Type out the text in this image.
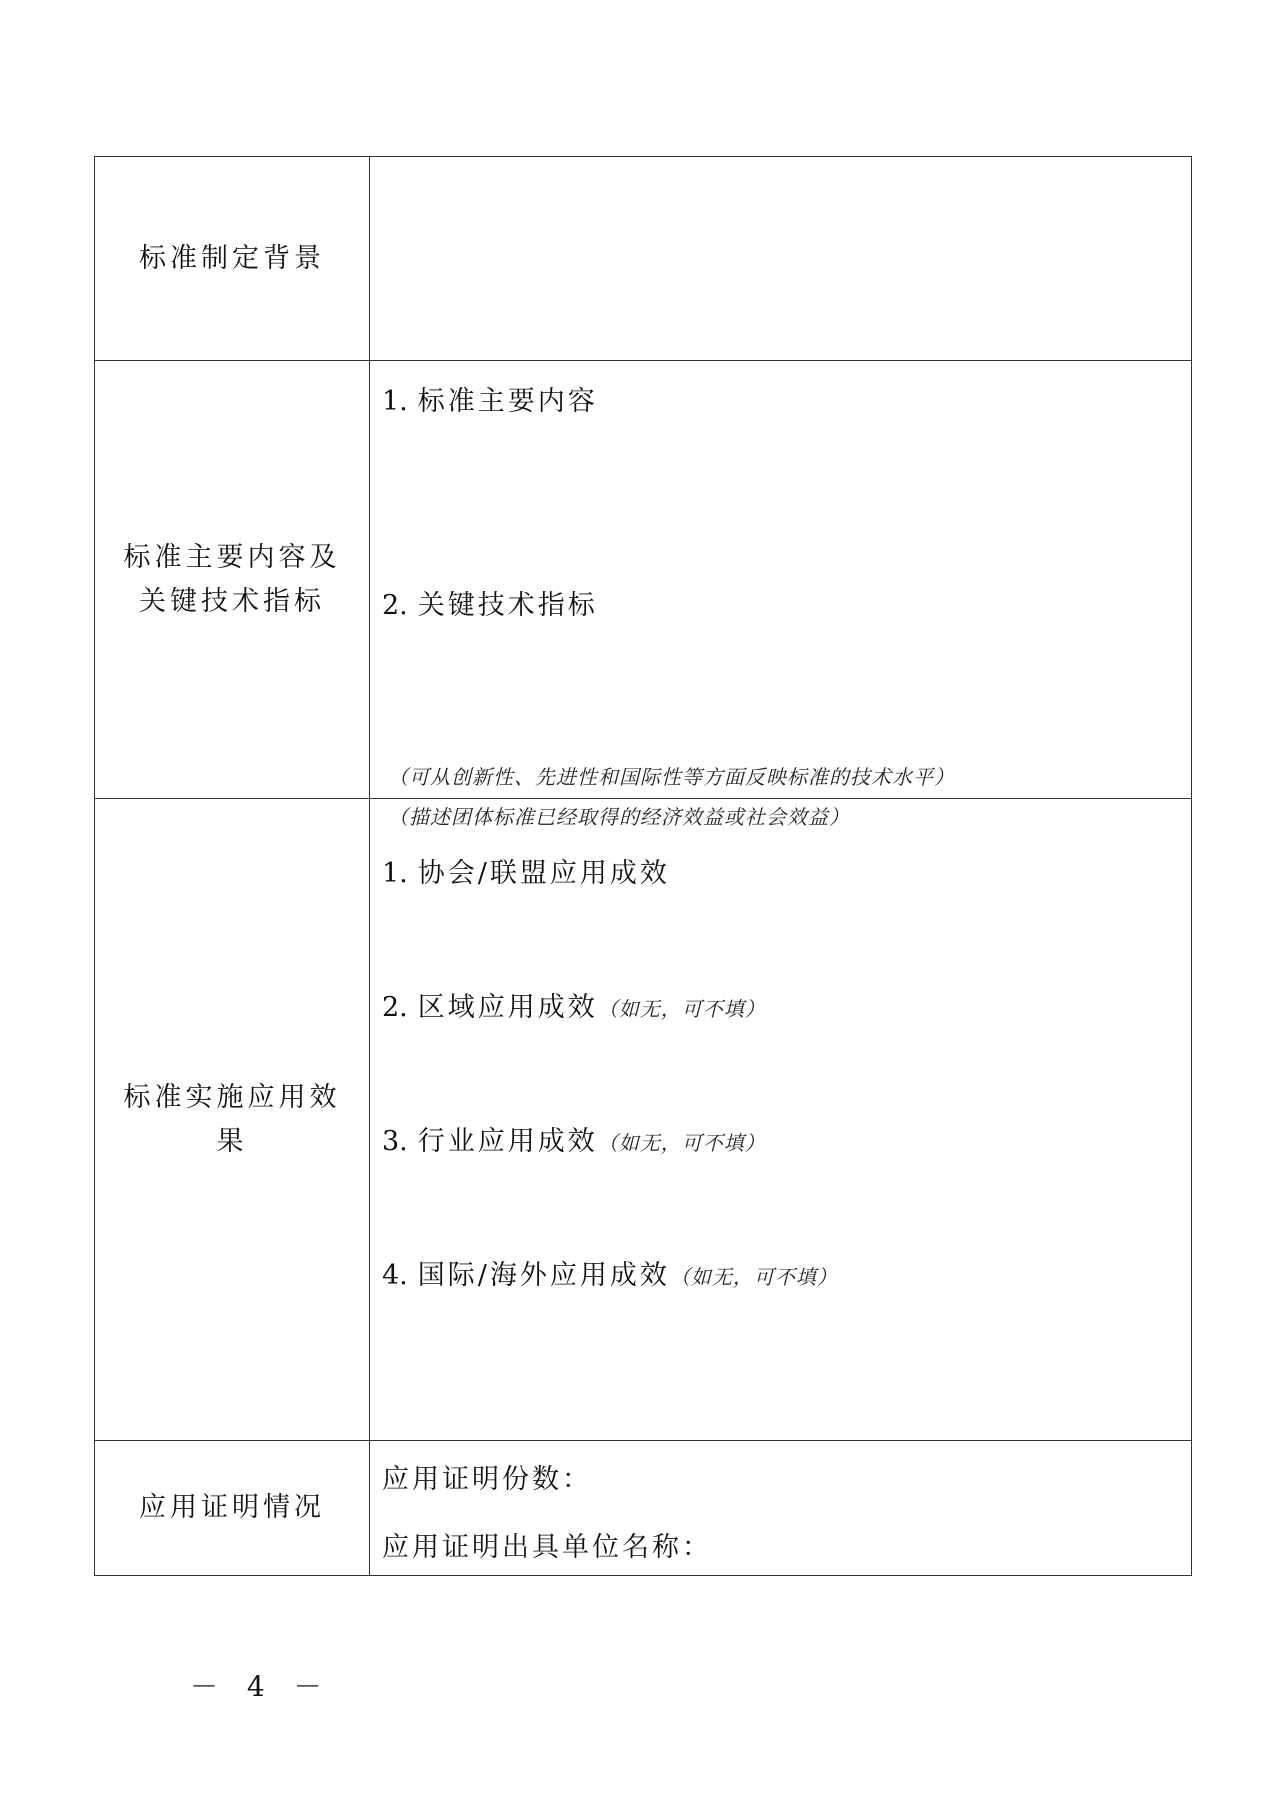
标准制定背景	

标准主要内容及关键技术指标	1. 标准主要内容
2. 关键技术指标
（可从创新性、先进性和国际性等方面反映标准的技术水平）

标准实施应用效果	（描述团体标准已经取得的经济效益或社会效益）
1. 协会/联盟应用成效
2. 区域应用成效（如无，可不填）
3. 行业应用成效（如无，可不填）
4. 国际/海外应用成效（如无，可不填）

应用证明情况	应用证明份数：
应用证明出具单位名称：
－ 4 －
